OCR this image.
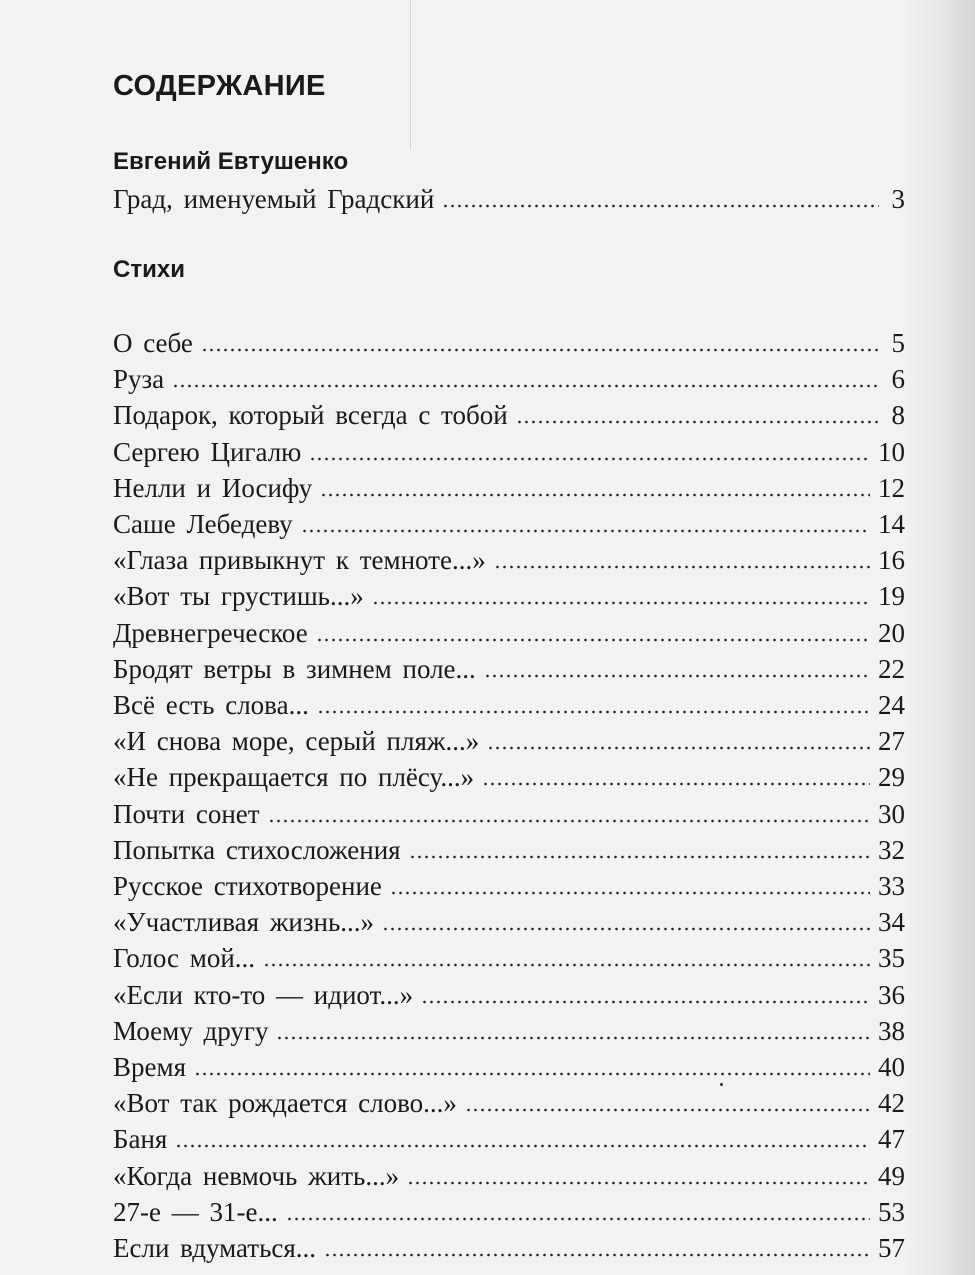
СОДЕРЖАНИЕ
Евгений Евтушенко
Град, именуемый Градский	3
Стихи
О себе	5
Руза	6
Подарок, который всегда с тобой	8
Сергею Цигалю	10
Нелли и Иосифу	12
Саше Лебедеву	14
«Глаза привыкнут к темноте...»	16
«Вот ты грустишь...»	19
Древнегреческое	20
Бродят ветры в зимнем поле...	22
Всё есть слова...	24
«И снова море, серый пляж...»	27
«Не прекращается по плёсу...»	29
Почти сонет	30
Попытка стихосложения	32
Русское стихотворение	33
«Участливая жизнь...»	34
Голос мой...	35
«Если кто-то — идиот...»	36
Моему другу	38
Время	40
«Вот так рождается слово...»	42
Баня	47
«Когда невмочь жить...»	49
27-е — 31-е...	53
Если вдуматься...	57
